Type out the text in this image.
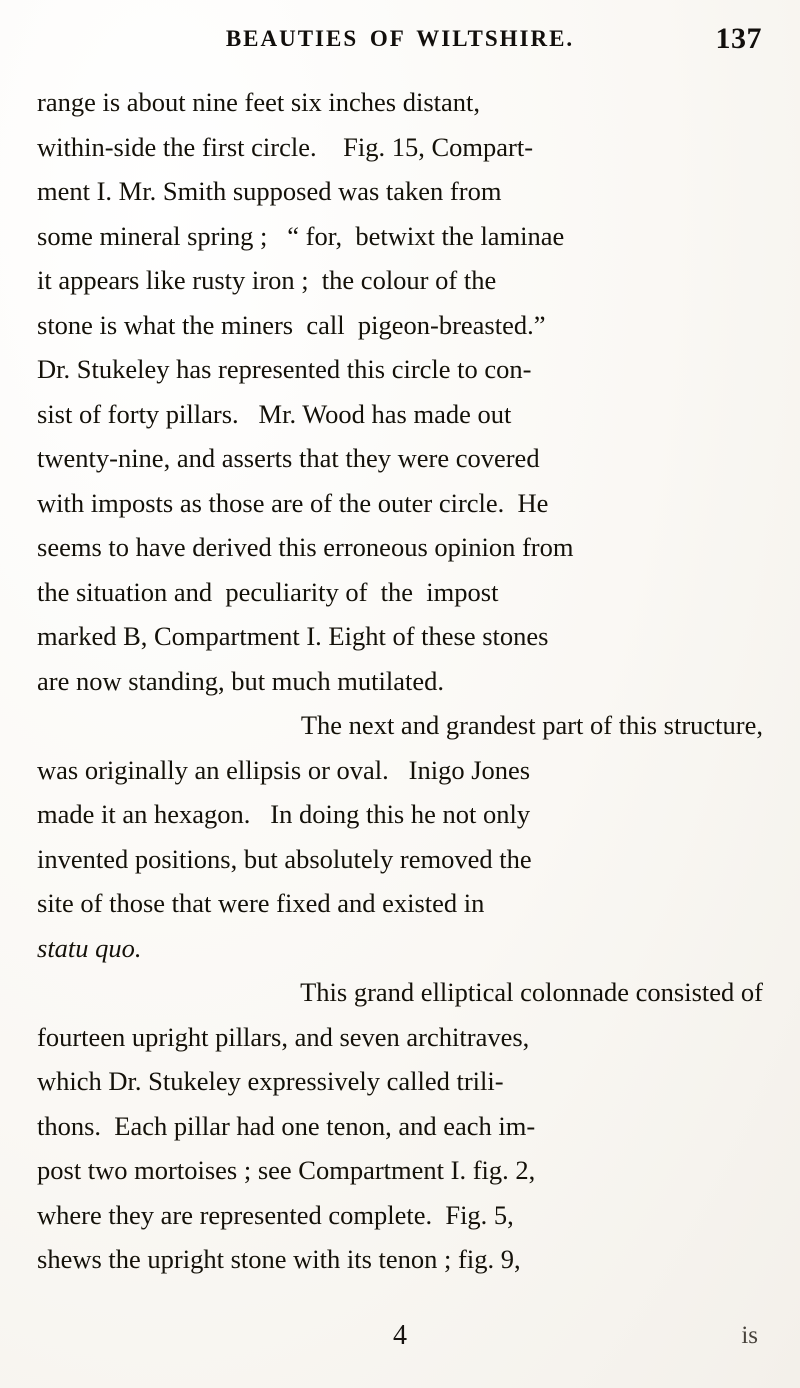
BEAUTIES OF WILTSHIRE.	137
range is about nine feet six inches distant,
within-side the first circle.    Fig. 15, Compart-
ment I. Mr. Smith supposed was taken from
some mineral spring ;   “ for,  betwixt the laminae
it appears like rusty iron ;  the colour of the
stone is what the miners  call  pigeon-breasted.”
Dr. Stukeley has represented this circle to con-
sist of forty pillars.   Mr. Wood has made out
twenty-nine, and asserts that they were covered
with imposts as those are of the outer circle.  He
seems to have derived this erroneous opinion from
the situation and  peculiarity of  the  impost
marked B, Compartment I. Eight of these stones
are now standing, but much mutilated.
The next and grandest part of this structure,
was originally an ellipsis or oval.   Inigo Jones
made it an hexagon.   In doing this he not only
invented positions, but absolutely removed the
site of those that were fixed and existed in
statu quo.
This grand elliptical colonnade consisted of
fourteen upright pillars, and seven architraves,
which Dr. Stukeley expressively called trili-
thons.  Each pillar had one tenon, and each im-
post two mortoises ; see Compartment I. fig. 2,
where they are represented complete.  Fig. 5,
shews the upright stone with its tenon ; fig. 9,
4	is
